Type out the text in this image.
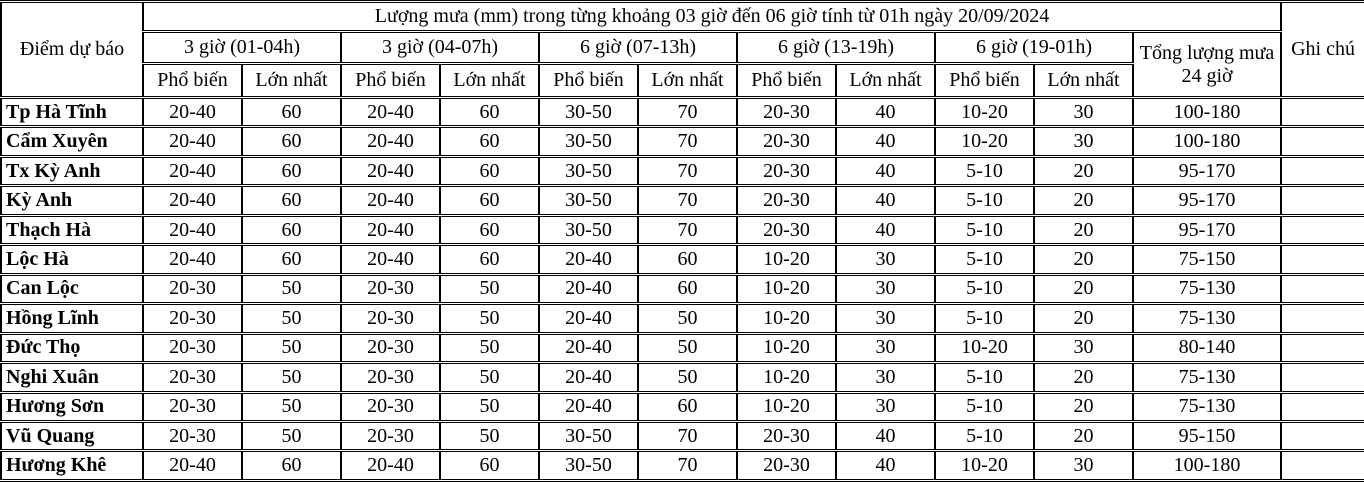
Điểm dự báo	Lượng mưa (mm) trong từng khoảng 03 giờ đến 06 giờ tính từ 01h ngày 20/09/2024											Ghi chú
	3 giờ (01-04h)		3 giờ (04-07h)		6 giờ (07-13h)		6 giờ (13-19h)		6 giờ (19-01h)		Tổng lượng mưa 24 giờ	
	Phổ biến	Lớn nhất	Phổ biến	Lớn nhất	Phổ biến	Lớn nhất	Phổ biến	Lớn nhất	Phổ biến	Lớn nhất		
Tp Hà Tĩnh	20-40	60	20-40	60	30-50	70	20-30	40	10-20	30	100-180	
Cẩm Xuyên	20-40	60	20-40	60	30-50	70	20-30	40	10-20	30	100-180	
Tx Kỳ Anh	20-40	60	20-40	60	30-50	70	20-30	40	5-10	20	95-170	
Kỳ Anh	20-40	60	20-40	60	30-50	70	20-30	40	5-10	20	95-170	
Thạch Hà	20-40	60	20-40	60	30-50	70	20-30	40	5-10	20	95-170	
Lộc Hà	20-40	60	20-40	60	20-40	60	10-20	30	5-10	20	75-150	
Can Lộc	20-30	50	20-30	50	20-40	60	10-20	30	5-10	20	75-130	
Hồng Lĩnh	20-30	50	20-30	50	20-40	50	10-20	30	5-10	20	75-130	
Đức Thọ	20-30	50	20-30	50	20-40	50	10-20	30	10-20	30	80-140	
Nghi Xuân	20-30	50	20-30	50	20-40	50	10-20	30	5-10	20	75-130	
Hương Sơn	20-30	50	20-30	50	20-40	60	10-20	30	5-10	20	75-130	
Vũ Quang	20-30	50	20-30	50	30-50	70	20-30	40	5-10	20	95-150	
Hương Khê	20-40	60	20-40	60	30-50	70	20-30	40	10-20	30	100-180	
